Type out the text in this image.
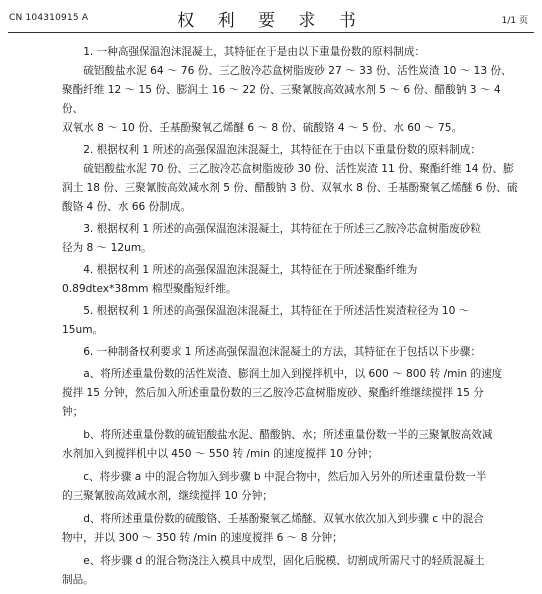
CN 104310915 A	权 利 要 求 书	1/1 页
1. 一种高强保温泡沫混凝土，其特征在于是由以下重量份数的原料制成：
硫铝酸盐水泥 64 ～ 76 份、三乙胺冷芯盒树脂废砂 27 ～ 33 份、活性炭渣 10 ～ 13 份、
聚酯纤维 12 ～ 15 份、膨润土 16 ～ 22 份、三聚氰胺高效减水剂 5 ～ 6 份、醋酸钠 3 ～ 4 份、
双氧水 8 ～ 10 份、壬基酚聚氧乙烯醚 6 ～ 8 份、硫酸铬 4 ～ 5 份、水 60 ～ 75。
2. 根据权利 1 所述的高强保温泡沫混凝土，其特征在于由以下重量份数的原料制成：
硫铝酸盐水泥 70 份、三乙胺冷芯盒树脂废砂 30 份、活性炭渣 11 份、聚酯纤维 14 份、膨
润土 18 份、三聚氰胺高效减水剂 5 份、醋酸钠 3 份、双氧水 8 份、壬基酚聚氧乙烯醚 6 份、硫
酸铬 4 份、水 66 份制成。
3. 根据权利 1 所述的高强保温泡沫混凝土，其特征在于所述三乙胺冷芯盒树脂废砂粒
径为 8 ～ 12um。
4. 根据权利 1 所述的高强保温泡沫混凝土，其特征在于所述聚酯纤维为
0.89dtex*38mm 棉型聚酯短纤维。
5. 根据权利 1 所述的高强保温泡沫混凝土，其特征在于所述活性炭渣粒径为 10 ～
15um。
6. 一种制备权利要求 1 所述高强保温泡沫混凝土的方法，其特征在于包括以下步骤：
a、将所述重量份数的活性炭渣、膨润土加入到搅拌机中，以 600 ～ 800 转 /min 的速度
搅拌 15 分钟，然后加入所述重量份数的三乙胺冷芯盒树脂废砂、聚酯纤维继续搅拌 15 分
钟；
b、将所述重量份数的硫铝酸盐水泥、醋酸钠、水；所述重量份数一半的三聚氰胺高效减
水剂加入到搅拌机中以 450 ～ 550 转 /min 的速度搅拌 10 分钟；
c、将步骤 a 中的混合物加入到步骤 b 中混合物中，然后加入另外的所述重量份数一半
的三聚氰胺高效减水剂，继续搅拌 10 分钟；
d、将所述重量份数的硫酸铬、壬基酚聚氧乙烯醚、双氧水依次加入到步骤 c 中的混合
物中，并以 300 ～ 350 转 /min 的速度搅拌 6 ～ 8 分钟；
e、将步骤 d 的混合物浇注入模具中成型，固化后脱模、切割成所需尺寸的轻质混凝土
制品。
